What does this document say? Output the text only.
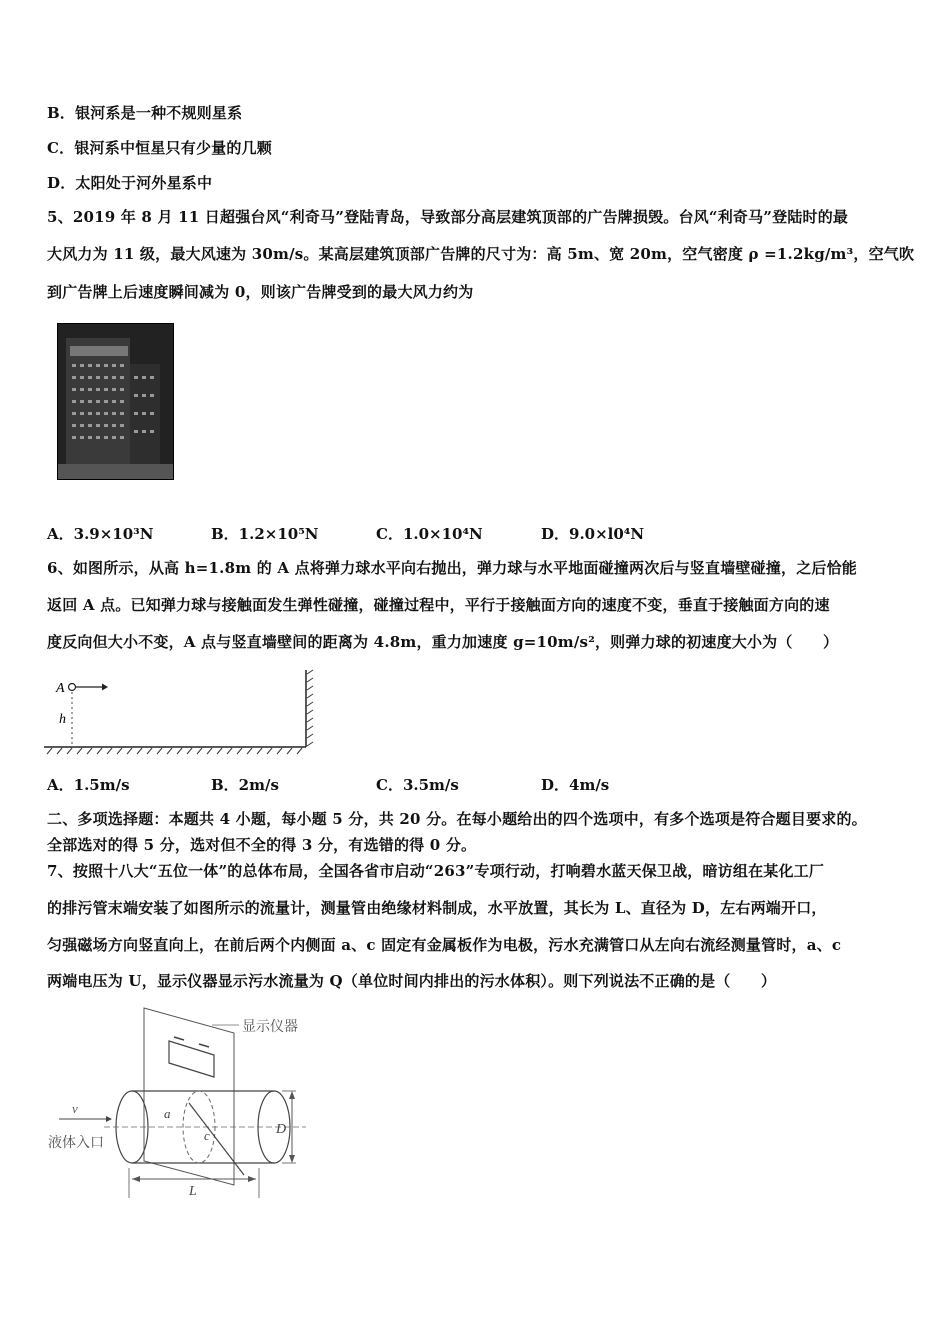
B．银河系是一种不规则星系
C．银河系中恒星只有少量的几颗
D．太阳处于河外星系中
5、2019 年 8 月 11 日超强台风“利奇马”登陆青岛，导致部分高层建筑顶部的广告牌损毁。台风“利奇马”登陆时的最
大风力为 11 级，最大风速为 30m/s。某高层建筑顶部广告牌的尺寸为：高 5m、宽 20m，空气密度 ρ =1.2kg/m³，空气吹
到广告牌上后速度瞬间减为 0，则该广告牌受到的最大风力约为
A．3.9×10³N	B．1.2×10⁵N	C．1.0×10⁴N	D．9.0×l0⁴N
6、如图所示，从高 h=1.8m 的 A 点将弹力球水平向右抛出，弹力球与水平地面碰撞两次后与竖直墙壁碰撞，之后恰能
返回 A 点。已知弹力球与接触面发生弹性碰撞，碰撞过程中，平行于接触面方向的速度不变，垂直于接触面方向的速
度反向但大小不变，A 点与竖直墙壁间的距离为 4.8m，重力加速度 g=10m/s²，则弹力球的初速度大小为（　　）
A
h
A．1.5m/s	B．2m/s	C．3.5m/s	D．4m/s
二、多项选择题：本题共 4 小题，每小题 5 分，共 20 分。在每小题给出的四个选项中，有多个选项是符合题目要求的。
全部选对的得 5 分，选对但不全的得 3 分，有选错的得 0 分。
7、按照十八大“五位一体”的总体布局，全国各省市启动“263”专项行动，打响碧水蓝天保卫战，暗访组在某化工厂
的排污管末端安装了如图所示的流量计，测量管由绝缘材料制成，水平放置，其长为 L、直径为 D，左右两端开口，
匀强磁场方向竖直向上，在前后两个内侧面 a、c 固定有金属板作为电极，污水充满管口从左向右流经测量管时，a、c
两端电压为 U，显示仪器显示污水流量为 Q（单位时间内排出的污水体积）。则下列说法不正确的是（　　）
显示仪器
v
液体入口
a
c	D
L
